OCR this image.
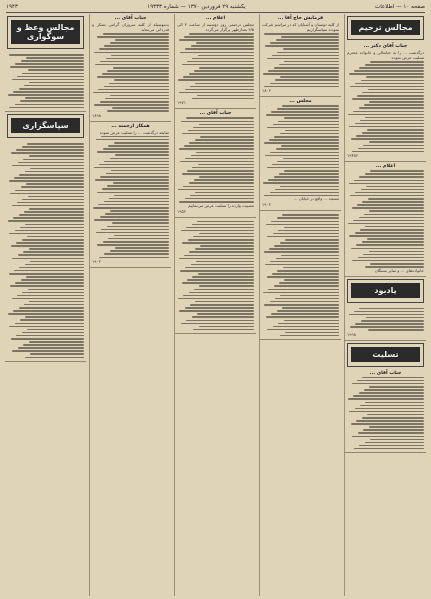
صفحه ۱۰ — اطلاعات
یکشنبه ۲۹ فروردین ۱۳۷۰ — شماره ۱۹۳۳۳
۱۹۴۳
مجالس ترحیم
جناب آقای دکتر ...
درگذشت ... را به جنابعالی و خانواده محترم تسلیت عرض نموده
۱۹۴۸۲
اعلام ...
خانواده‌های ... و سایر بستگان
یادبود
۱۹۹۸
تسلیت
جناب آقای ...
فرمایش حاج آقا ...
از کلیه دوستان و آشنایان که در مراسم شرکت نمودند سپاسگزاریم
۱۸۰۲
مجلس ...
مسجد ... واقع در خیابان ...
۱۹۰۲
اعلام ...
مجلس ترحیمی روز دوشنبه از ساعت ۳ الی ۴/۵ بعدازظهر برگزار می‌گردد
۱۹۷۱
جناب آقای ...
مصیبت وارده را تسلیت عرض می‌نماییم
۱۹۵۲
جناب آقای ...
بدینوسیله از کلیه سروران گرامی تشکر و قدردانی می‌نماید
۱۸۹۸
همکار ارجمند ...
ضایعه درگذشت ... را تسلیت عرض نموده
۱۹۰۲
مجالس وعظ و سوگواری
سپاسگزاری
